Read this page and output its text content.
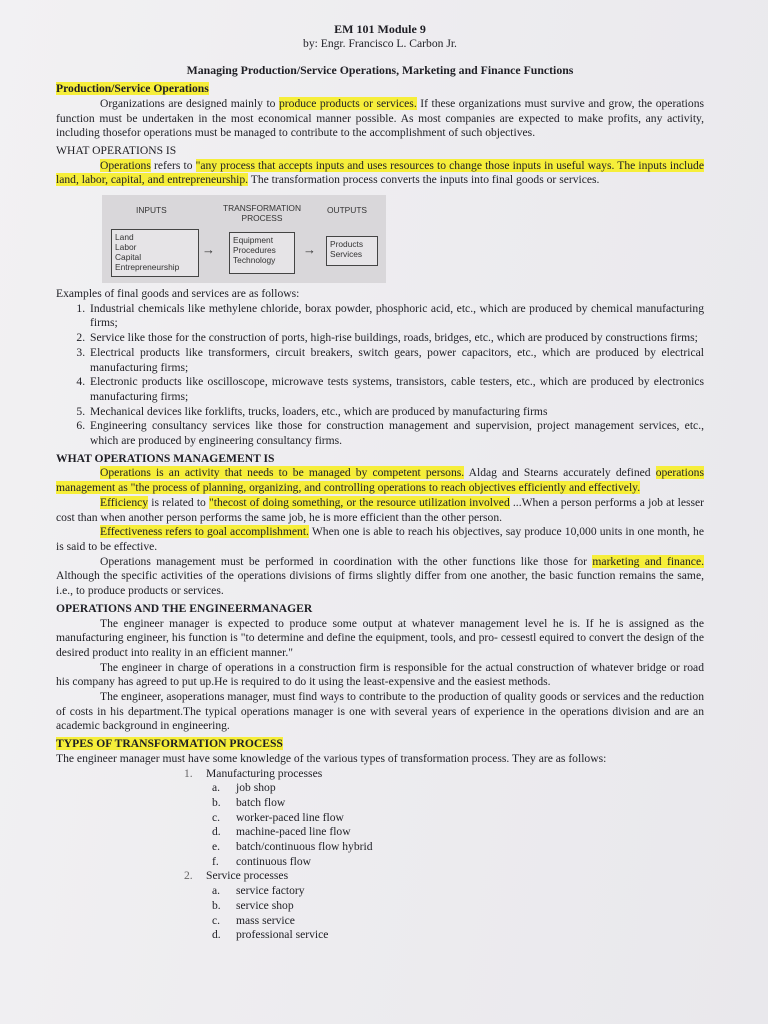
EM 101 Module 9
by: Engr. Francisco L. Carbon Jr.
Managing Production/Service Operations, Marketing and Finance Functions
Production/Service Operations

Organizations are designed mainly to produce products or services. If these organizations must survive and grow, the operations function must be undertaken in the most economical manner possible. As most companies are expected to make profits, any activity, including thosefor operations must be managed to contribute to the accomplishment of such objectives.

WHAT OPERATIONS IS

Operations refers to "any process that accepts inputs and uses resources to change those inputs in useful ways. The inputs include land, labor, capital, and entrepreneurship. The transformation process converts the inputs into final goods or services.

INPUTS	TRANSFORMATION
PROCESS
OUTPUTS
Land
Labor
Capital
Entrepreneurship
→
Equipment
Procedures
Technology
→ Products
Services

Examples of final goods and services are as follows:

1. Industrial chemicals like methylene chloride, borax powder, phosphoric acid, etc., which are produced by chemical manufacturing firms;
2. Service like those for the construction of ports, high-rise buildings, roads, bridges, etc., which are produced by constructions firms;
3. Electrical products like transformers, circuit breakers, switch gears, power capacitors, etc., which are produced by electrical manufacturing firms;
4. Electronic products like oscilloscope, microwave tests systems, transistors, cable testers, etc., which are produced by electronics manufacturing firms;
5. Mechanical devices like forklifts, trucks, loaders, etc., which are produced by manufacturing firms
6. Engineering consultancy services like those for construction management and supervision, project management services, etc., which are produced by engineering consultancy firms.
WHAT OPERATIONS MANAGEMENT IS

Operations is an activity that needs to be managed by competent persons. Aldag and Stearns accurately defined operations management as "the process of planning, organizing, and controlling operations to reach objectives efficiently and effectively.

Efficiency is related to "thecost of doing something, or the resource utilization involved ...When a person performs a job at lesser cost than when another person performs the same job, he is more efficient than the other person.

Effectiveness refers to goal accomplishment. When one is able to reach his objectives, say produce 10,000 units in one month, he is said to be effective.

Operations management must be performed in coordination with the other functions like those for marketing and finance. Although the specific activities of the operations divisions of firms slightly differ from one another, the basic function remains the same, i.e., to produce products or services.

OPERATIONS AND THE ENGINEERMANAGER

The engineer manager is expected to produce some output at whatever management level he is. If he is assigned as the manufacturing engineer, his function is "to determine and define the equipment, tools, and pro- cessestl equired to convert the design of the desired product into reality in an efficient manner."

The engineer in charge of operations in a construction firm is responsible for the actual construction of whatever bridge or road his company has agreed to put up.He is required to do it using the least-expensive and the easiest methods.

The engineer, asoperations manager, must find ways to contribute to the production of quality goods or services and the reduction of costs in his department.The typical operations manager is one with several years of experience in the operations division and are an academic background in engineering.

TYPES OF TRANSFORMATION PROCESS

The engineer manager must have some knowledge of the various types of transformation process. They are as follows:

1. Manufacturing processes
a. job shop
b. batch flow
c. worker-paced line flow
d. machine-paced line flow
e. batch/continuous flow hybrid
f. continuous flow
2. Service processes
a. service factory
b. service shop
c. mass service
d. professional service
